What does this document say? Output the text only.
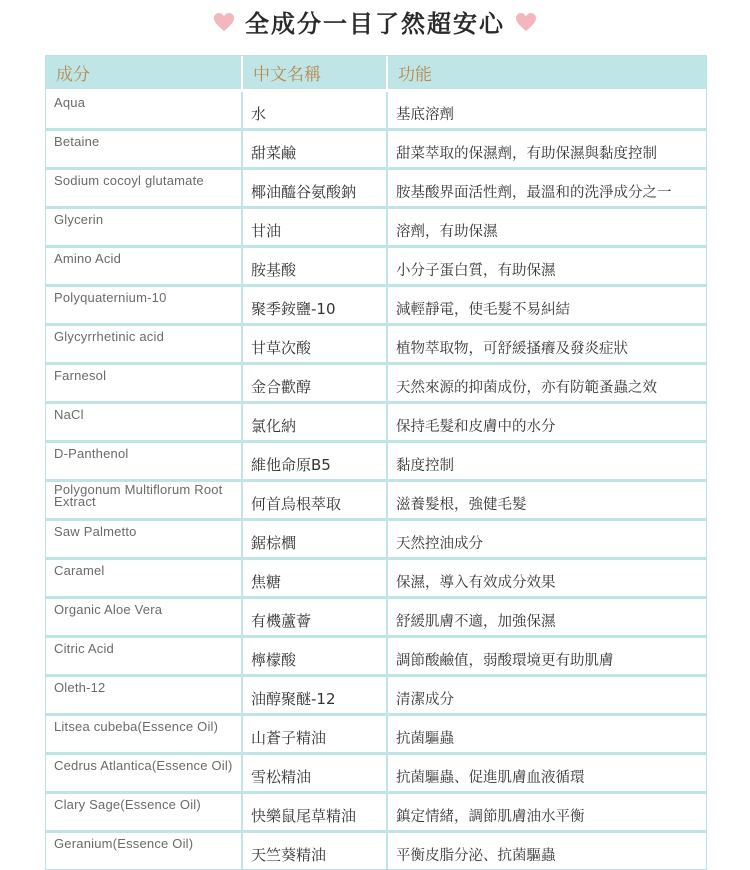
全成分一目了然超安心
成分	中文名稱	功能
Aqua	水	基底溶劑
Betaine	甜菜鹼	甜菜萃取的保濕劑，有助保濕與黏度控制
Sodium cocoyl glutamate	椰油醯谷氨酸鈉	胺基酸界面活性劑，最溫和的洗淨成分之一
Glycerin	甘油	溶劑，有助保濕
Amino Acid	胺基酸	小分子蛋白質，有助保濕
Polyquaternium-10	聚季銨鹽-10	減輕靜電，使毛髮不易糾結
Glycyrrhetinic acid	甘草次酸	植物萃取物，可舒緩搔癢及發炎症狀
Farnesol	金合歡醇	天然來源的抑菌成份，亦有防範蚤蟲之效
NaCl	氯化納	保持毛髮和皮膚中的水分
D-Panthenol	維他命原B5	黏度控制
Polygonum Multiflorum Root Extract	何首烏根萃取	滋養髮根，強健毛髮
Saw Palmetto	鋸棕櫚	天然控油成分
Caramel	焦糖	保濕，導入有效成分效果
Organic Aloe Vera	有機蘆薈	舒緩肌膚不適，加強保濕
Citric Acid	檸檬酸	調節酸鹼值，弱酸環境更有助肌膚
Oleth-12	油醇聚醚-12	清潔成分
Litsea cubeba(Essence Oil)	山蒼子精油	抗菌驅蟲
Cedrus Atlantica(Essence Oil)	雪松精油	抗菌驅蟲、促進肌膚血液循環
Clary Sage(Essence Oil)	快樂鼠尾草精油	鎮定情緒，調節肌膚油水平衡
Geranium(Essence Oil)	天竺葵精油	平衡皮脂分泌、抗菌驅蟲
